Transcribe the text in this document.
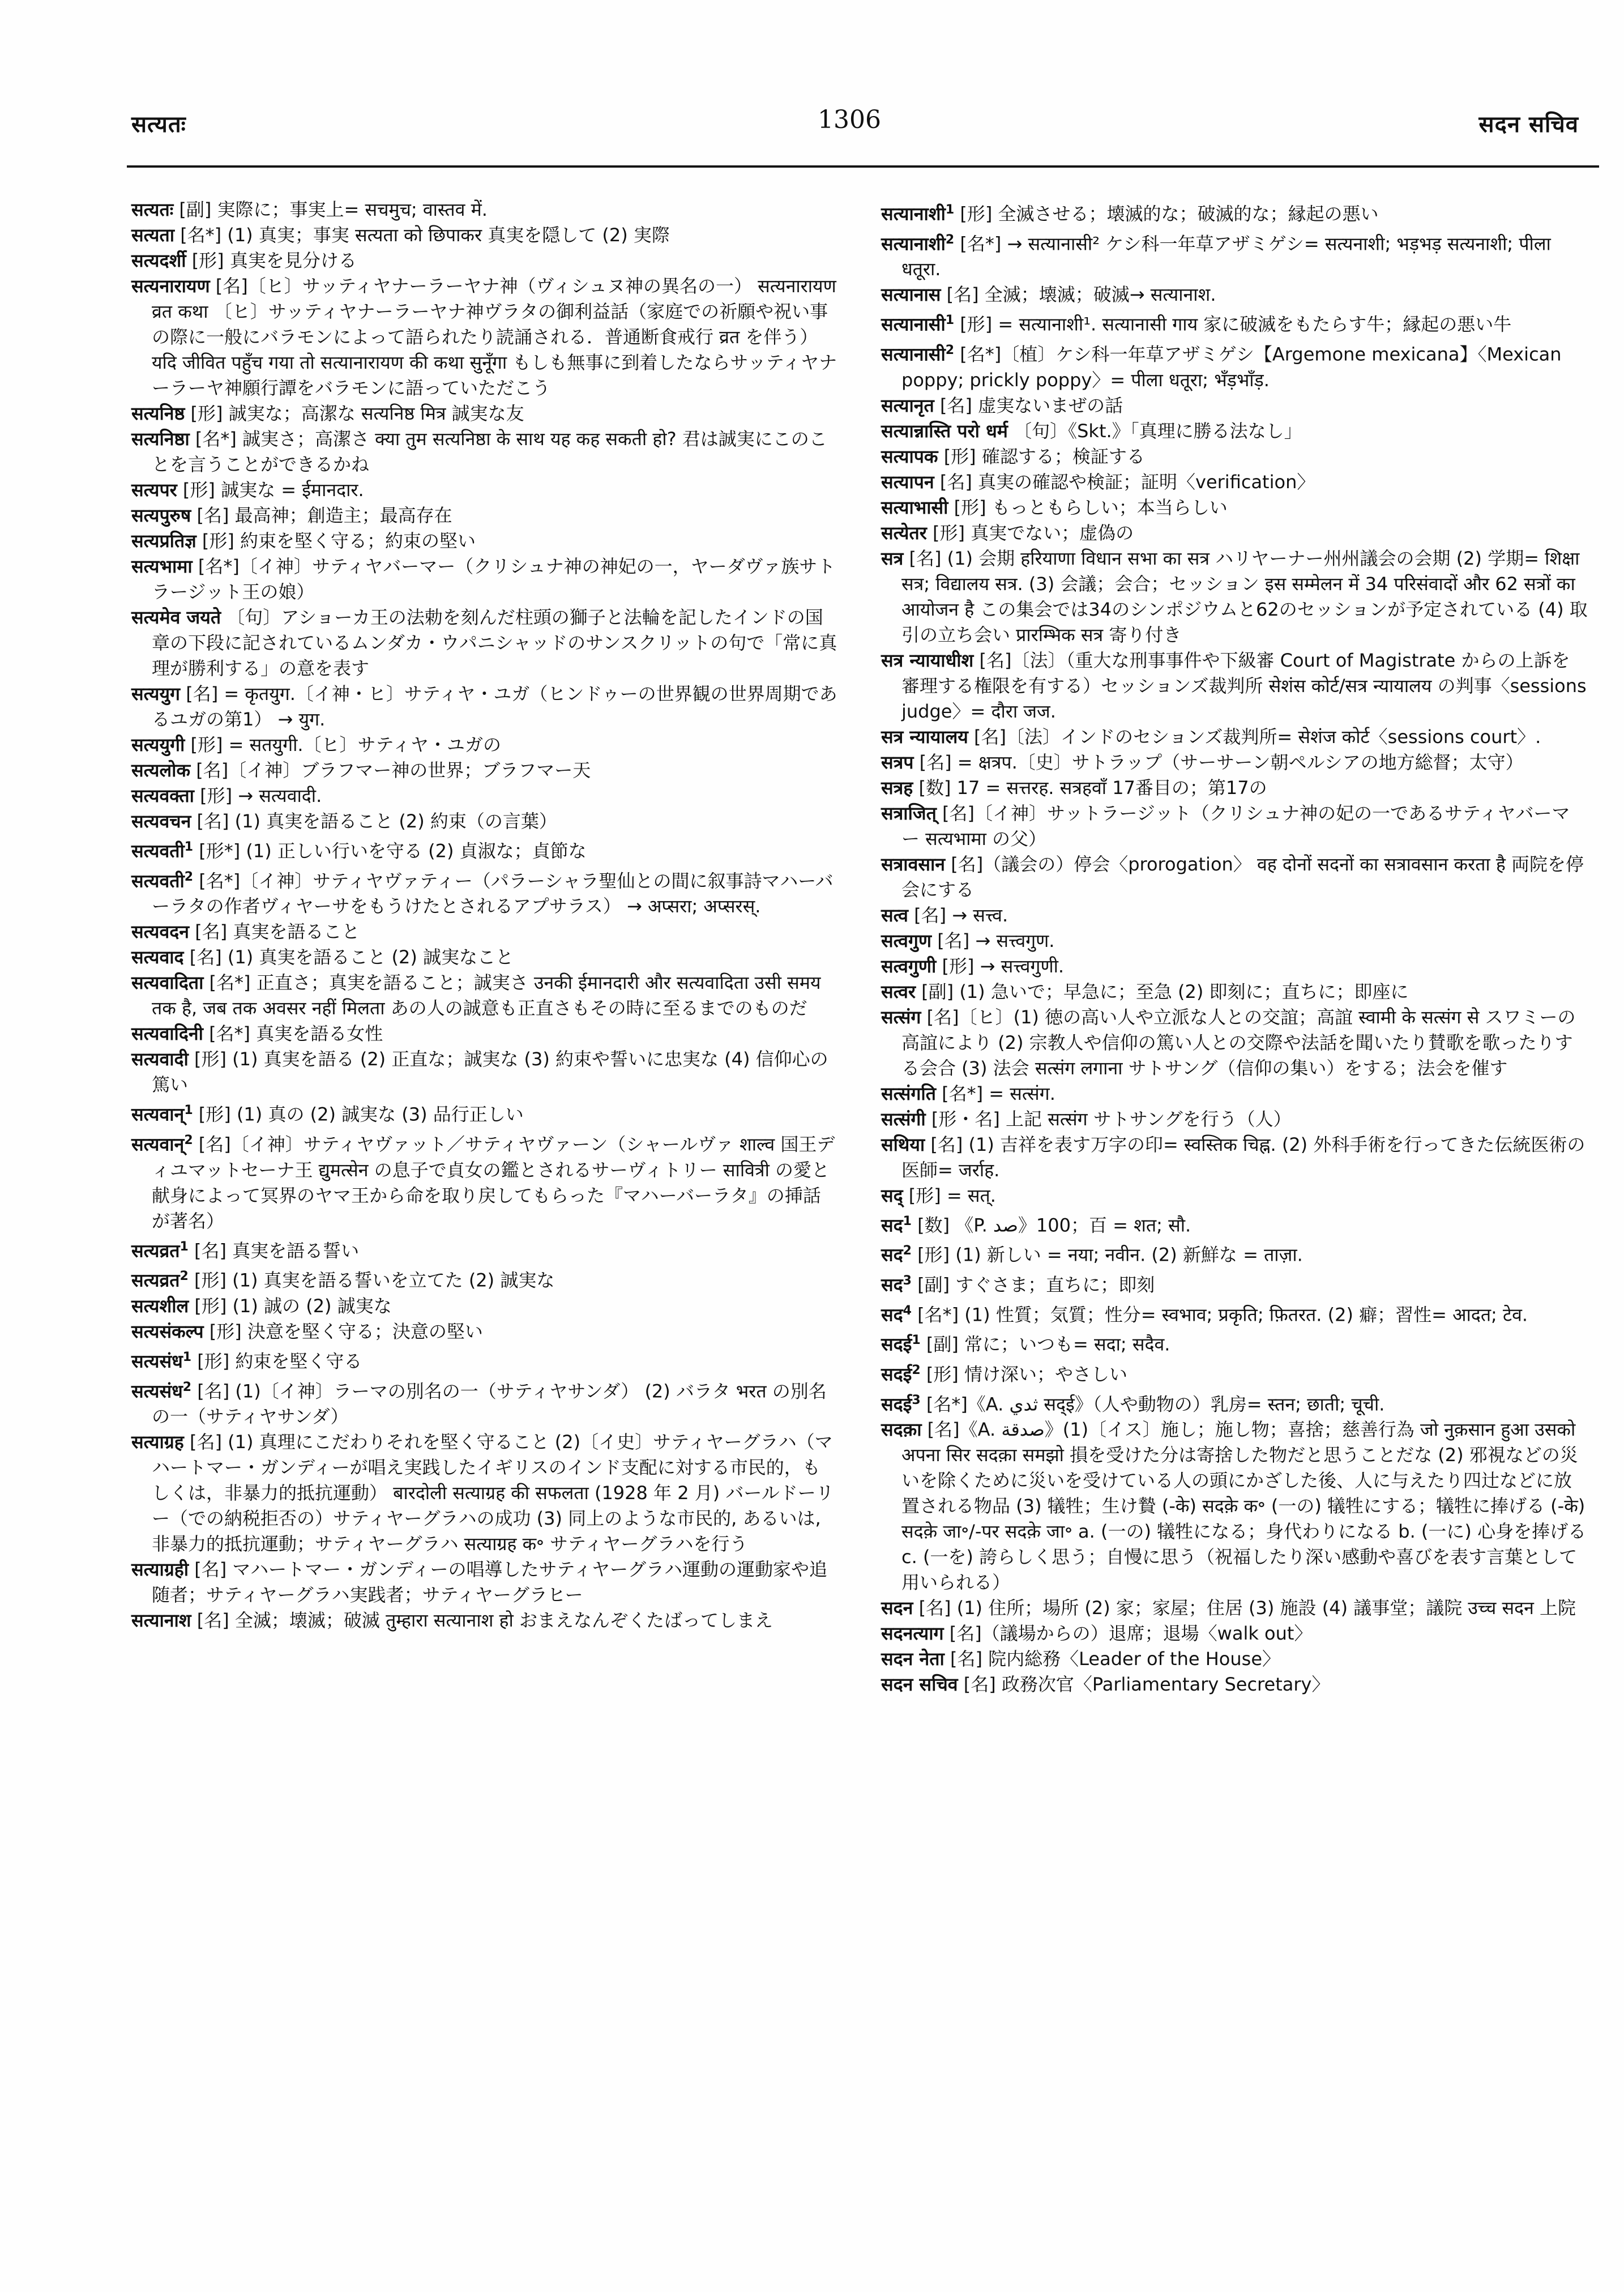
सत्यतः	1306	सदन सचिव
सत्यतः [副] 実際に；事実上= सचमुच; वास्तव में.
सत्यता [名*] (1) 真実；事実 सत्यता को छिपाकर 真実を隠して (2) 実際
सत्यदर्शी [形] 真実を見分ける
सत्यनारायण [名]〔ヒ〕サッティヤナーラーヤナ神（ヴィシュヌ神の異名の一） सत्यनारायण व्रत कथा 〔ヒ〕サッティヤナーラーヤナ神ヴラタの御利益話（家庭での祈願や祝い事の際に一般にバラモンによって語られたり読誦される．普通断食戒行 व्रत を伴う） यदि जीवित पहुँच गया तो सत्यानारायण की कथा सुनूँगा もしも無事に到着したならサッティヤナーラーヤ神願行譚をバラモンに語っていただこう
सत्यनिष्ठ [形] 誠実な；高潔な सत्यनिष्ठ मित्र 誠実な友
सत्यनिष्ठा [名*] 誠実さ；高潔さ क्या तुम सत्यनिष्ठा के साथ यह कह सकती हो? 君は誠実にこのことを言うことができるかね
सत्यपर [形] 誠実な = ईमानदार.
सत्यपुरुष [名] 最高神；創造主；最高存在
सत्यप्रतिज्ञ [形] 約束を堅く守る；約束の堅い
सत्यभामा [名*]〔イ神〕サティヤバーマー（クリシュナ神の神妃の一，ヤーダヴァ族サトラージット王の娘）
सत्यमेव जयते 〔句〕アショーカ王の法勅を刻んだ柱頭の獅子と法輪を記したインドの国章の下段に記されているムンダカ・ウパニシャッドのサンスクリットの句で「常に真理が勝利する」の意を表す
सत्ययुग [名] = कृतयुग.〔イ神・ヒ〕サティヤ・ユガ（ヒンドゥーの世界観の世界周期であるユガの第1） → युग.
सत्ययुगी [形] = सतयुगी.〔ヒ〕サティヤ・ユガの
सत्यलोक [名]〔イ神〕ブラフマー神の世界；ブラフマー天
सत्यवक्ता [形] → सत्यवादी.
सत्यवचन [名] (1) 真実を語ること (2) 約束（の言葉）
सत्यवती$^1$ [形*] (1) 正しい行いを守る (2) 貞淑な；貞節な
सत्यवती$^2$ [名*]〔イ神〕サティヤヴァティー（パラーシャラ聖仙との間に叙事詩マハーバーラタの作者ヴィヤーサをもうけたとされるアプサラス） → अप्सरा; अप्सरस्.
सत्यवदन [名] 真実を語ること
सत्यवाद [名] (1) 真実を語ること (2) 誠実なこと
सत्यवादिता [名*] 正直さ；真実を語ること；誠実さ उनकी ईमानदारी और सत्यवादिता उसी समय तक है, जब तक अवसर नहीं मिलता あの人の誠意も正直さもその時に至るまでのものだ
सत्यवादिनी [名*] 真実を語る女性
सत्यवादी [形] (1) 真実を語る (2) 正直な；誠実な (3) 約束や誓いに忠実な (4) 信仰心の篤い
सत्यवान्$^1$ [形] (1) 真の (2) 誠実な (3) 品行正しい
सत्यवान्$^2$ [名]〔イ神〕サティヤヴァット／サティヤヴァーン（シャールヴァ शाल्व 国王ディユマットセーナ王 द्युमत्सेन の息子で貞女の鑑とされるサーヴィトリー सावित्री の愛と献身によって冥界のヤマ王から命を取り戻してもらった『マハーバーラタ』の挿話が著名）
सत्यव्रत$^1$ [名] 真実を語る誓い
सत्यव्रत$^2$ [形] (1) 真実を語る誓いを立てた (2) 誠実な
सत्यशील [形] (1) 誠の (2) 誠実な
सत्यसंकल्प [形] 決意を堅く守る；決意の堅い
सत्यसंध$^1$ [形] 約束を堅く守る
सत्यसंध$^2$ [名] (1)〔イ神〕ラーマの別名の一（サティヤサンダ） (2) バラタ भरत の別名の一（サティヤサンダ）
सत्याग्रह [名] (1) 真理にこだわりそれを堅く守ること (2)〔イ史〕サティヤーグラハ（マハートマー・ガンディーが唱え実践したイギリスのインド支配に対する市民的，もしくは，非暴力的抵抗運動） बारदोली सत्याग्रह की सफलता (1928 年 2 月) バールドーリー（での納税拒否の）サティヤーグラハの成功 (3) 同上のような市民的, あるいは, 非暴力的抵抗運動；サティヤーグラハ सत्याग्रह क॰ サティヤーグラハを行う
सत्याग्रही [名] マハートマー・ガンディーの唱導したサティヤーグラハ運動の運動家や追随者；サティヤーグラハ実践者；サティヤーグラヒー
सत्यानाश [名] 全滅；壊滅；破滅 तुम्हारा सत्यानाश हो おまえなんぞくたばってしまえ
सत्यानाशी$^1$ [形] 全滅させる；壊滅的な；破滅的な；縁起の悪い
सत्यानाशी$^2$ [名*] → सत्यानासी² ケシ科一年草アザミゲシ= सत्यनाशी; भड़भड़ सत्यनाशी; पीला धतूरा.
सत्यानास [名] 全滅；壊滅；破滅→ सत्यानाश.
सत्यानासी$^1$ [形] = सत्यानाशी¹. सत्यानासी गाय 家に破滅をもたらす牛；縁起の悪い牛
सत्यानासी$^2$ [名*]〔植〕ケシ科一年草アザミゲシ【Argemone mexicana】〈Mexican poppy; prickly poppy〉= पीला धतूरा; भँड़भाँड़.
सत्यानृत [名] 虚実ないまぜの話
सत्यान्नास्ति परो धर्म 〔句〕《Skt.》「真理に勝る法なし」
सत्यापक [形] 確認する；検証する
सत्यापन [名] 真実の確認や検証；証明〈verification〉
सत्याभासी [形] もっともらしい；本当らしい
सत्येतर [形] 真実でない；虚偽の
सत्र [名] (1) 会期 हरियाणा विधान सभा का सत्र ハリヤーナー州州議会の会期 (2) 学期= शिक्षा सत्र; विद्यालय सत्र. (3) 会議；会合；セッション इस सम्मेलन में 34 परिसंवादों और 62 सत्रों का आयोजन है この集会では34のシンポジウムと62のセッションが予定されている (4) 取引の立ち会い प्रारम्भिक सत्र 寄り付き
सत्र न्यायाधीश [名]〔法〕（重大な刑事事件や下級審 Court of Magistrate からの上訴を審理する権限を有する）セッションズ裁判所 सेशंस कोर्ट/सत्र न्यायालय の判事〈sessions judge〉= दौरा जज.
सत्र न्यायालय [名]〔法〕インドのセションズ裁判所= सेशंज कोर्ट〈sessions court〉.
सत्रप [名] = क्षत्रप.〔史〕サトラップ（サーサーン朝ペルシアの地方総督；太守）
सत्रह [数] 17 = सत्तरह. सत्रहवाँ 17番目の；第17の
सत्राजित् [名]〔イ神〕サットラージット（クリシュナ神の妃の一であるサティヤバーマー सत्यभामा の父）
सत्रावसान [名]（議会の）停会〈prorogation〉 वह दोनों सदनों का सत्रावसान करता है 両院を停会にする
सत्व [名] → सत्त्व.
सत्वगुण [名] → सत्त्वगुण.
सत्वगुणी [形] → सत्त्वगुणी.
सत्वर [副] (1) 急いで；早急に；至急 (2) 即刻に；直ちに；即座に
सत्संग [名]〔ヒ〕(1) 徳の高い人や立派な人との交誼；高誼 स्वामी के सत्संग से スワミーの高誼により (2) 宗教人や信仰の篤い人との交際や法話を聞いたり賛歌を歌ったりする会合 (3) 法会 सत्संग लगाना サトサング（信仰の集い）をする；法会を催す
सत्संगति [名*] = सत्संग.
सत्संगी [形・名] 上記 सत्संग サトサングを行う（人）
सथिया [名] (1) 吉祥を表す万字の印= स्वस्तिक चिह्न. (2) 外科手術を行ってきた伝統医術の医師= जर्राह.
सद् [形] = सत्.
सद$^1$ [数] 《P. صد》100；百 = शत; सौ.
सद$^2$ [形] (1) 新しい = नया; नवीन. (2) 新鮮な = ताज़ा.
सद$^3$ [副] すぐさま；直ちに；即刻
सद$^4$ [名*] (1) 性質；気質；性分= स्वभाव; प्रकृति; फ़ितरत. (2) 癖；習性= आदत; टेव.
सदई$^1$ [副] 常に；いつも= सदा; सदैव.
सदई$^2$ [形] 情け深い；やさしい
सदई$^3$ [名*]《A. ثدي सद्ई》（人や動物の）乳房= स्तन; छाती; चूची.
सदक़ा [名]《A. صدقة》(1)〔イス〕施し；施し物；喜捨；慈善行為 जो नुक़सान हुआ उसको अपना सिर सदक़ा समझो 損を受けた分は寄捨した物だと思うことだな (2) 邪視などの災いを除くために災いを受けている人の頭にかざした後、人に与えたり四辻などに放置される物品 (3) 犠牲；生け贄 (-के) सदक़े क॰ (一の) 犠牲にする；犠牲に捧げる (-के) सदक़े जा॰/-पर सदक़े जा॰ a. (一の) 犠牲になる；身代わりになる b. (一に) 心身を捧げる c. (一を) 誇らしく思う；自慢に思う（祝福したり深い感動や喜びを表す言葉として用いられる）
सदन [名] (1) 住所；場所 (2) 家；家屋；住居 (3) 施設 (4) 議事堂；議院 उच्च सदन 上院
सदनत्याग [名]（議場からの）退席；退場〈walk out〉
सदन नेता [名] 院内総務〈Leader of the House〉
सदन सचिव [名] 政務次官〈Parliamentary Secretary〉
